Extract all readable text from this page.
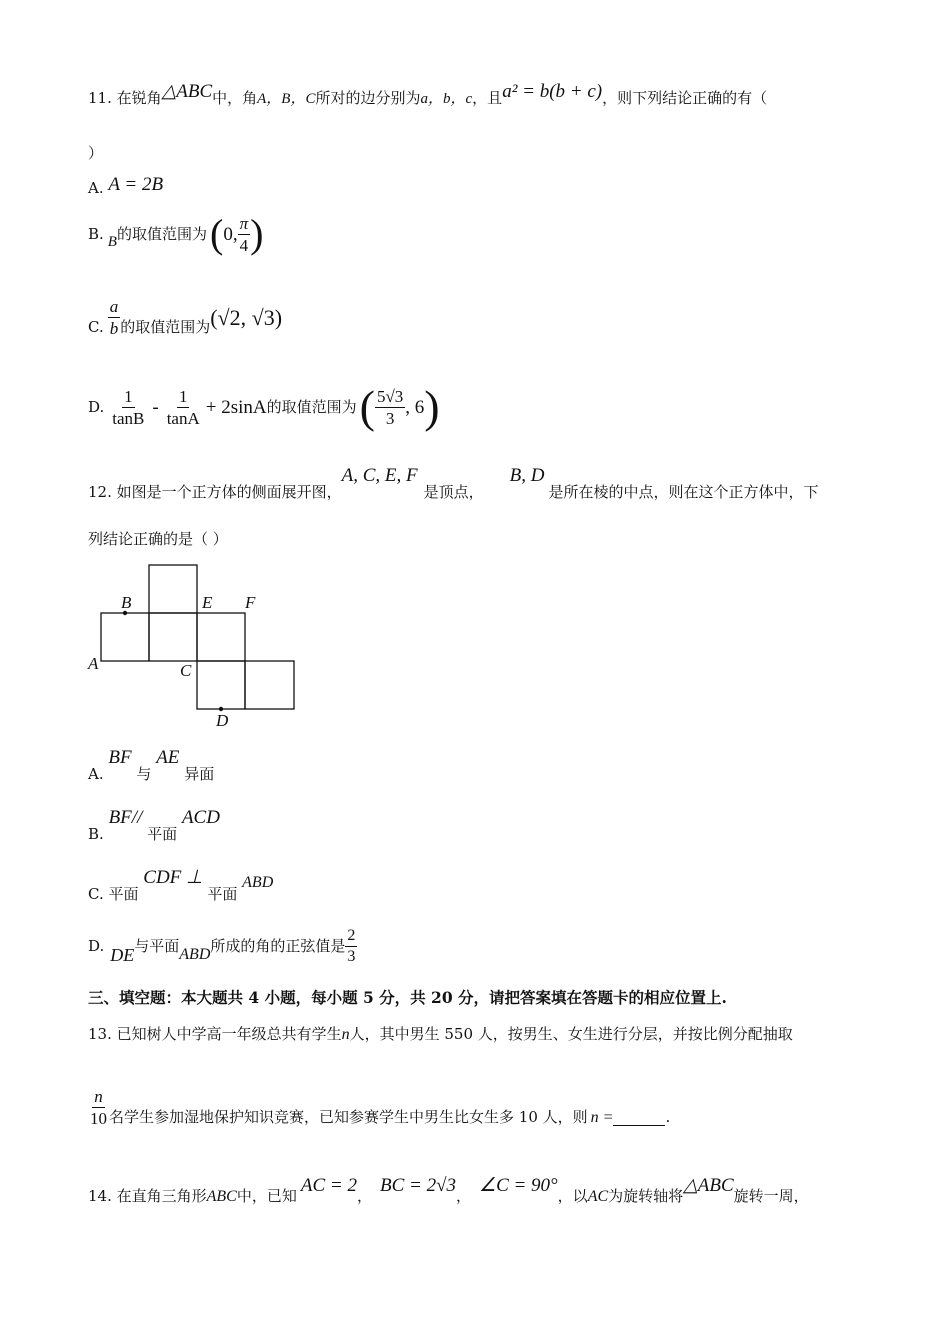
11. 在锐角△ABC中，角A，B，C所对的边分别为a，b，c，且a² = b(b + c)，则下列结论正确的有（
）
A. A = 2B
B. B 的取值范围为 ( 0, $\frac{\pi}{4}$ )
C. $\frac{a}{b}$ 的取值范围为 (√2, √3)
D. $\frac{1}{\tan B} - \frac{1}{\tan A} + 2\sin A$ 的取值范围为 ( $\frac{5√3}{3}$ , 6 )
12. 如图是一个正方体的侧面展开图，A, C, E, F是顶点，B, D是所在棱的中点，则在这个正方体中，下
列结论正确的是（ ）
B	E F
A	C
D
A. BF 与 AE 异面
B. BF// 平面 ACD
C. 平面 CDF ⊥ 平面 ABD
D. DE 与平面 ABD 所成的角的正弦值是 $\frac{2}{3}$
三、填空题：本大题共 4 小题，每小题 5 分，共 20 分，请把答案填在答题卡的相应位置上.
13. 已知树人中学高一年级总共有学生n人，其中男生 550 人，按男生、女生进行分层，并按比例分配抽取
$\frac{n}{10}$ 名学生参加湿地保护知识竞赛，已知参赛学生中男生比女生多 10 人，则 n =	.
14. 在直角三角形ABC中，已知 AC = 2， BC = 2√3， ∠C = 90°，以AC为旋转轴将△ABC旋转一周，
